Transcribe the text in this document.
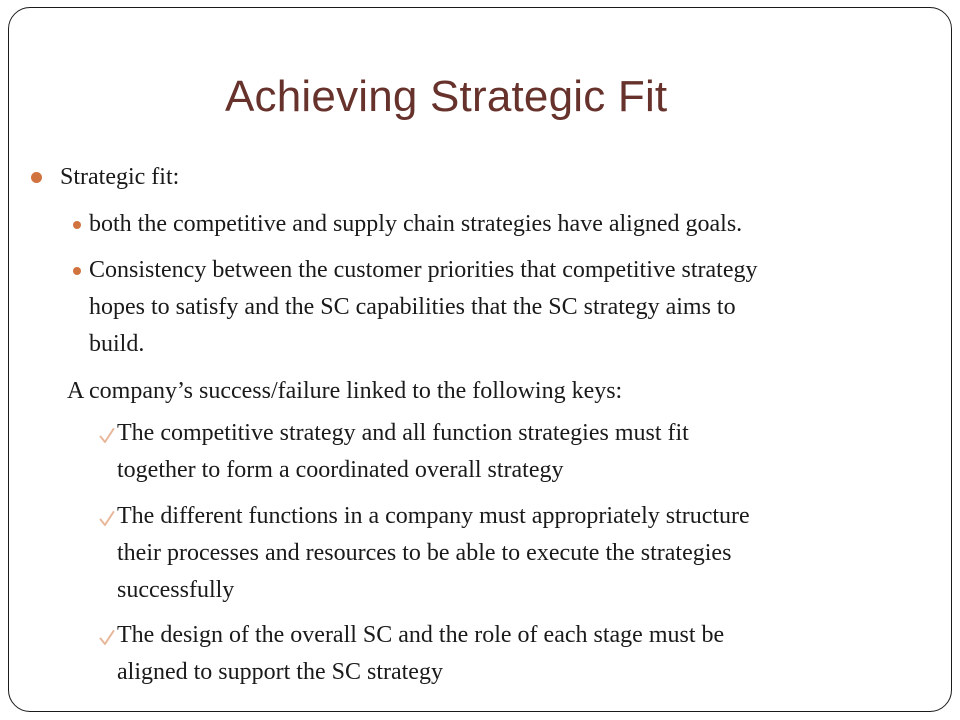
Achieving Strategic Fit
Strategic fit:
both the competitive and supply chain strategies have aligned goals.
Consistency between the customer priorities that competitive strategy
hopes to satisfy and the SC capabilities that the SC strategy aims to
build.
A company’s success/failure linked to the following keys:
The competitive strategy and all function strategies must fit
together to form a coordinated overall strategy
The different functions in a company must appropriately structure
their processes and resources to be able to execute the strategies
successfully
The design of the overall SC and the role of each stage must be
aligned to support the SC strategy
